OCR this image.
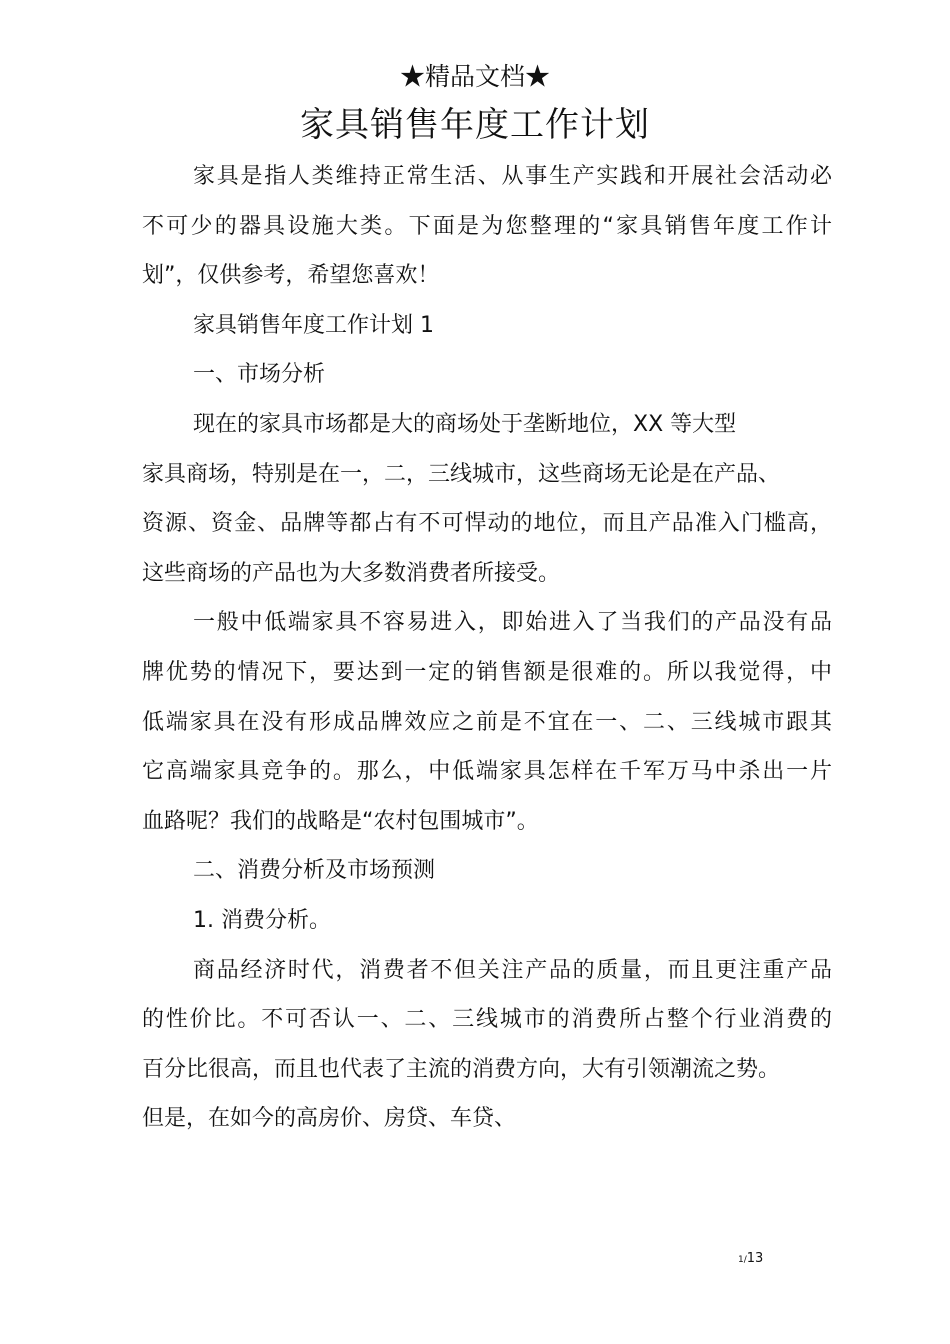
★精品文档★
家具销售年度工作计划
家具是指人类维持正常生活、从事生产实践和开展社会活动必
不可少的器具设施大类。下面是为您整理的“家具销售年度工作计
划”，仅供参考，希望您喜欢！
家具销售年度工作计划 1
一、市场分析
现在的家具市场都是大的商场处于垄断地位，XX 等大型
家具商场，特别是在一，二，三线城市，这些商场无论是在产品、
资源、资金、品牌等都占有不可悍动的地位，而且产品准入门槛高，
这些商场的产品也为大多数消费者所接受。
一般中低端家具不容易进入，即始进入了当我们的产品没有品
牌优势的情况下，要达到一定的销售额是很难的。所以我觉得，中
低端家具在没有形成品牌效应之前是不宜在一、二、三线城市跟其
它高端家具竞争的。那么，中低端家具怎样在千军万马中杀出一片
血路呢？我们的战略是“农村包围城市”。
二、消费分析及市场预测
1. 消费分析。
商品经济时代，消费者不但关注产品的质量，而且更注重产品
的性价比。不可否认一、二、三线城市的消费所占整个行业消费的
百分比很高，而且也代表了主流的消费方向，大有引领潮流之势。
但是，在如今的高房价、房贷、车贷、
1/13
